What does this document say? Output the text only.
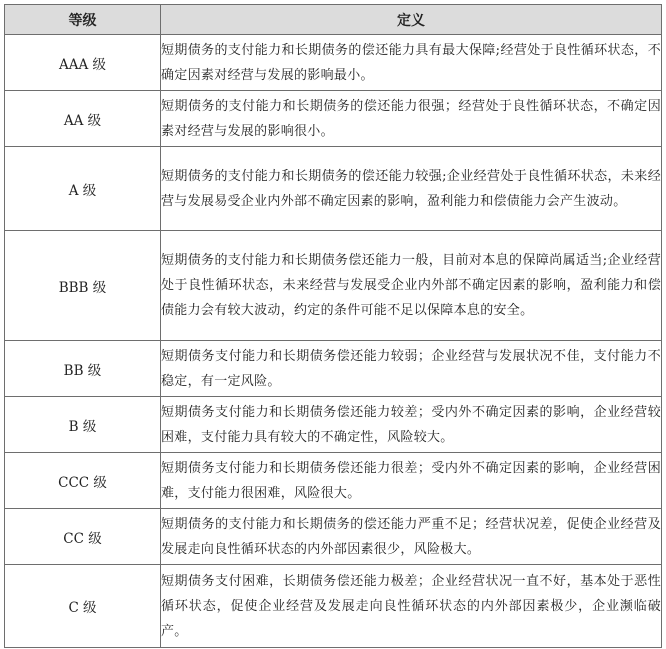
等级	定义
AAA 级	短期债务的支付能力和长期债务的偿还能力具有最大保障;经营处于良性循环状态，不确定因素对经营与发展的影响最小。
AA 级	短期债务的支付能力和长期债务的偿还能力很强；经营处于良性循环状态，不确定因素对经营与发展的影响很小。
A 级	短期债务的支付能力和长期债务的偿还能力较强;企业经营处于良性循环状态，未来经营与发展易受企业内外部不确定因素的影响，盈利能力和偿债能力会产生波动。
BBB 级	短期债务的支付能力和长期债务偿还能力一般，目前对本息的保障尚属适当;企业经营处于良性循环状态，未来经营与发展受企业内外部不确定因素的影响，盈利能力和偿债能力会有较大波动，约定的条件可能不足以保障本息的安全。
BB 级	短期债务支付能力和长期债务偿还能力较弱；企业经营与发展状况不佳，支付能力不稳定，有一定风险。
B 级	短期债务支付能力和长期债务偿还能力较差；受内外不确定因素的影响，企业经营较困难，支付能力具有较大的不确定性，风险较大。
CCC 级	短期债务支付能力和长期债务偿还能力很差；受内外不确定因素的影响，企业经营困难，支付能力很困难，风险很大。
CC 级	短期债务的支付能力和长期债务的偿还能力严重不足；经营状况差，促使企业经营及发展走向良性循环状态的内外部因素很少，风险极大。
C 级	短期债务支付困难，长期债务偿还能力极差；企业经营状况一直不好，基本处于恶性循环状态，促使企业经营及发展走向良性循环状态的内外部因素极少，企业濒临破产。
